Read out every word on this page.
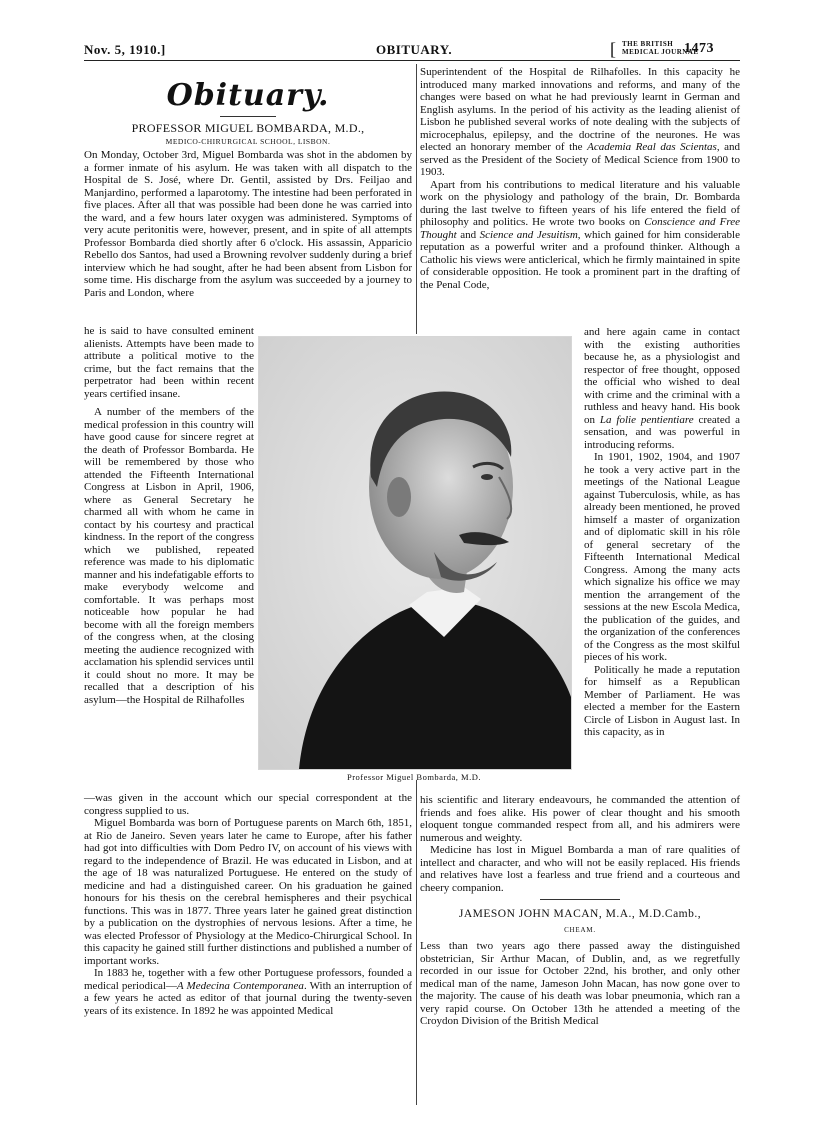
Nov. 5, 1910.]	OBITUARY.	[ THE BRITISH
MEDICAL JOURNAL
1473
Obituary.
PROFESSOR MIGUEL BOMBARDA, M.D.,
MEDICO-CHIRURGICAL SCHOOL, LISBON.

On Monday, October 3rd, Miguel Bombarda was shot in the abdomen by a former inmate of his asylum. He was taken with all dispatch to the Hospital de S. José, where Dr. Gentil, assisted by Drs. Feiljao and Manjardino, performed a laparotomy. The intestine had been perforated in five places. After all that was possible had been done he was carried into the ward, and a few hours later oxygen was administered. Symptoms of very acute peritonitis were, however, present, and in spite of all attempts Professor Bombarda died shortly after 6 o'clock. His assassin, Apparicio Rebello dos Santos, had used a Browning revolver suddenly during a brief interview which he had sought, after he had been absent from Lisbon for some time. His discharge from the asylum was succeeded by a journey to Paris and London, where

he is said to have consulted eminent alienists. Attempts have been made to attribute a political motive to the crime, but the fact remains that the perpetrator had been within recent years certified insane.

A number of the members of the medical profession in this country will have good cause for sincere regret at the death of Professor Bombarda. He will be remembered by those who attended the Fifteenth International Congress at Lisbon in April, 1906, where as General Secretary he charmed all with whom he came in contact by his courtesy and practical kindness. In the report of the congress which we published, repeated reference was made to his diplomatic manner and his indefatigable efforts to make everybody welcome and comfortable. It was perhaps most noticeable how popular he had become with all the foreign members of the congress when, at the closing meeting the audience recognized with acclamation his splendid services until it could shout no more. It may be recalled that a description of his asylum—the Hospital de Rilhafolles

—was given in the account which our special correspondent at the congress supplied to us.

Miguel Bombarda was born of Portuguese parents on March 6th, 1851, at Rio de Janeiro. Seven years later he came to Europe, after his father had got into difficulties with Dom Pedro IV, on account of his views with regard to the independence of Brazil. He was educated in Lisbon, and at the age of 18 was naturalized Portuguese. He entered on the study of medicine and had a distinguished career. On his graduation he gained honours for his thesis on the cerebral hemispheres and their psychical functions. This was in 1877. Three years later he gained great distinction by a publication on the dystrophies of nervous lesions. After a time, he was elected Professor of Physiology at the Medico-Chirurgical School. In this capacity he gained still further distinctions and published a number of important works.

In 1883 he, together with a few other Portuguese professors, founded a medical periodical—A Medecina Contemporanea. With an interruption of a few years he acted as editor of that journal during the twenty-seven years of its existence. In 1892 he was appointed Medical

Superintendent of the Hospital de Rilhafolles. In this capacity he introduced many marked innovations and reforms, and many of the changes were based on what he had previously learnt in German and English asylums. In the period of his activity as the leading alienist of Lisbon he published several works of note dealing with the subjects of microcephalus, epilepsy, and the doctrine of the neurones. He was elected an honorary member of the Academia Real das Scientas, and served as the President of the Society of Medical Science from 1900 to 1903.

Apart from his contributions to medical literature and his valuable work on the physiology and pathology of the brain, Dr. Bombarda during the last twelve to fifteen years of his life entered the field of philosophy and politics. He wrote two books on Conscience and Free Thought and Science and Jesuitism, which gained for him considerable reputation as a powerful writer and a profound thinker. Although a Catholic his views were anticlerical, which he firmly maintained in spite of considerable opposition. He took a prominent part in the drafting of the Penal Code,

and here again came in contact with the existing authorities because he, as a physiologist and respector of free thought, opposed the official who wished to deal with crime and the criminal with a ruthless and heavy hand. His book on La folie pentientiare created a sensation, and was powerful in introducing reforms.

In 1901, 1902, 1904, and 1907 he took a very active part in the meetings of the National League against Tuberculosis, while, as has already been mentioned, he proved himself a master of organization and of diplomatic skill in his rôle of general secretary of the Fifteenth International Medical Congress. Among the many acts which signalize his office we may mention the arrangement of the sessions at the new Escola Medica, the publication of the guides, and the organization of the conferences of the Congress as the most skilful pieces of his work.

Politically he made a reputation for himself as a Republican Member of Parliament. He was elected a member for the Eastern Circle of Lisbon in August last. In this capacity, as in

his scientific and literary endeavours, he commanded the attention of friends and foes alike. His power of clear thought and his smooth eloquent tongue commanded respect from all, and his admirers were numerous and weighty.

Medicine has lost in Miguel Bombarda a man of rare qualities of intellect and character, and who will not be easily replaced. His friends and relatives have lost a fearless and true friend and a courteous and cheery companion.

JAMESON JOHN MACAN, M.A., M.D.Camb.,
CHEAM.

Less than two years ago there passed away the distinguished obstetrician, Sir Arthur Macan, of Dublin, and, as we regretfully recorded in our issue for October 22nd, his brother, and only other medical man of the name, Jameson John Macan, has now gone over to the majority. The cause of his death was lobar pneumonia, which ran a very rapid course. On October 13th he attended a meeting of the Croydon Division of the British Medical

Professor Miguel Bombarda, M.D.
